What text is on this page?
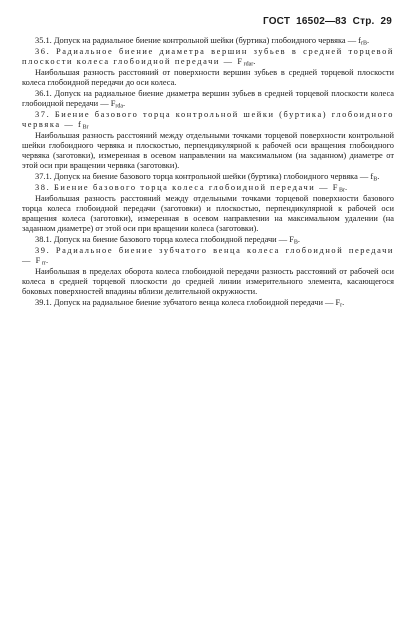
ГОСТ 16502—83 Стр. 29

35.1. Допуск на радиальное биение контрольной шейки (буртика) глобоидного червяка — $f_{rB}$.

36. Радиальное биение диаметра вершин зубьев в средней торцевой плоскости колеса глобоидной передачи — $F_{rdar}$.

Наибольшая разность расстояний от поверхности вершин зубьев в средней торцевой плоскости колеса глобоидной передачи до оси колеса.

36.1. Допуск на радиальное биение диаметра вершин зубьев в средней торцевой плоскости колеса глобоидной передачи — $F_{rda}$.

37. Биение базового торца контрольной шейки (буртика) глобоидного червяка — $f_{Br}$

Наибольшая разность расстояний между отдельными точками торцевой поверхности контрольной шейки глобоидного червяка и плоскостью, перпендикулярной к рабочей оси вращения глобоидного червяка (заготовки), измеренная в осевом направлении на максимальном (на заданном) диаметре от этой оси при вращении червяка (заготовки).

37.1. Допуск на биение базового торца контрольной шейки (буртика) глобоидного червяка — $f_B$.

38. Биение базового торца колеса глобоидной передачи — $F_{Br}$.

Наибольшая разность расстояний между отдельными точками торцевой поверхности базового торца колеса глобоидной передачи (заготовки) и плоскостью, перпендикулярной к рабочей оси вращения колеса (заготовки), измеренная в осевом направлении на максимальном удалении (на заданном диаметре) от этой оси при вращении колеса (заготовки).

38.1. Допуск на биение базового торца колеса глобоидной передачи — $F_B$.

39. Радиальное биение зубчатого венца колеса глобоидной передачи — $F_{rr}$.

Наибольшая в пределах оборота колеса глобоидной передачи разность расстояний от рабочей оси колеса в средней торцевой плоскости до средней линии измерительного элемента, касающегося боковых поверхностей впадины вблизи делительной окружности.

39.1. Допуск на радиальное биение зубчатого венца колеса глобоидной передачи — $F_r$.
